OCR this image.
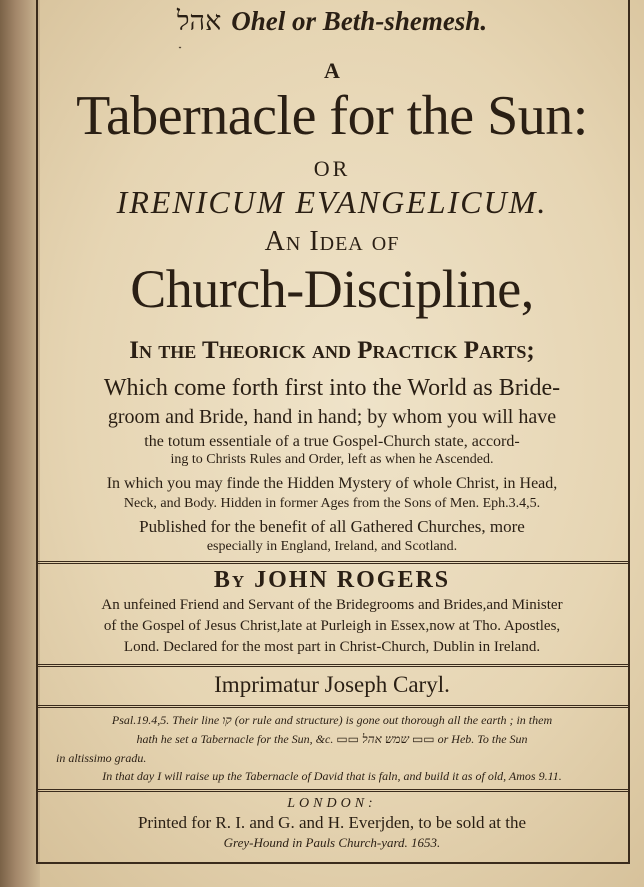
אהל Ohel or Beth-shemesh.
A
Tabernacle for the Sun:
OR
IRENICUM EVANGELICUM.
An Idea of
Church-Discipline,
In the Theorick and Practick Parts;
Which come forth first into the World as Bride-
groom and Bride, hand in hand; by whom you will have
the totum essentiale of a true Gospel-Church state, accord-
ing to Christs Rules and Order, left as when he Ascended.
In which you may finde the Hidden Mystery of whole Christ, in Head,
Neck, and Body. Hidden in former Ages from the Sons of Men. Eph.3.4,5.
Published for the benefit of all Gathered Churches, more
especially in England, Ireland, and Scotland.
By JOHN ROGERS
An unfeined Friend and Servant of the Bridegrooms and Brides,and Minister
of the Gospel of Jesus Christ,late at Purleigh in Essex,now at Tho. Apostles,
Lond. Declared for the most part in Christ-Church, Dublin in Ireland.
Imprimatur Joseph Caryl.
Psal.19.4,5. Their line קו (or rule and structure) is gone out thorough all the earth ; in them
hath he set a Tabernacle for the Sun, &c. ▭▭ שמש אהל ▭▭ or Heb. To the Sun
in altissimo gradu.
In that day I will raise up the Tabernacle of David that is faln, and build it as of old, Amos 9.11.
LONDON:
Printed for R. I. and G. and H. Everjden, to be sold at the
Grey-Hound in Pauls Church-yard. 1653.
